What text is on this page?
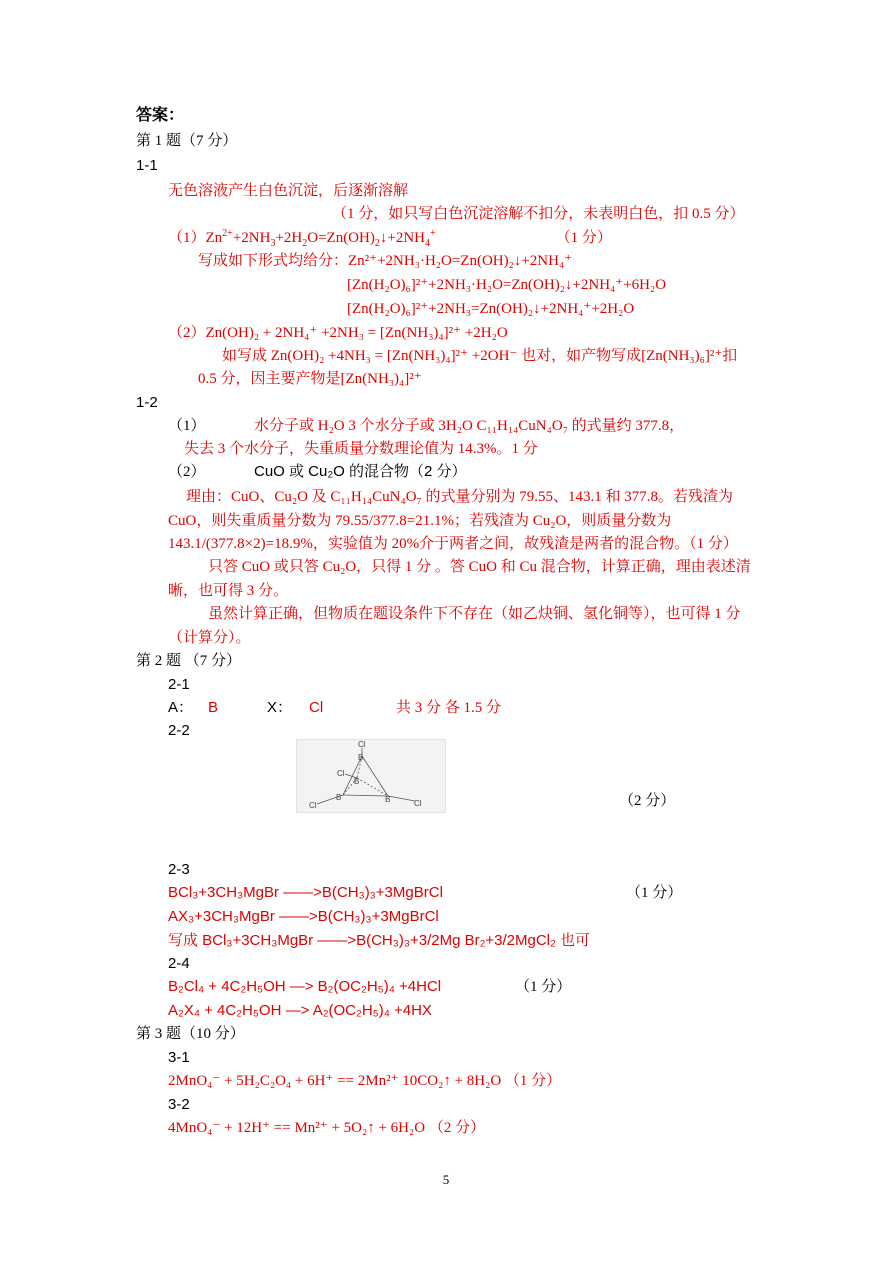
答案：
第 1 题（7 分）
1-1
无色溶液产生白色沉淀，后逐渐溶解
（1 分，如只写白色沉淀溶解不扣分，未表明白色，扣 0.5 分）
$(1)Zn^{2+}+2NH_3+2H_2O=Zn(OH)_2↓+2NH_4^+$	（1 分）
写成如下形式均给分：Zn²⁺+2NH₃·H₂O=Zn(OH)₂↓+2NH₄⁺
[Zn(H₂O)₆]²⁺+2NH₃·H₂O=Zn(OH)₂↓+2NH₄⁺+6H₂O
[Zn(H₂O)₆]²⁺+2NH₃=Zn(OH)₂↓+2NH₄⁺+2H₂O
（2）Zn(OH)₂ + 2NH₄⁺ +2NH₃ = [Zn(NH₃)₄]²⁺ +2H₂O
如写成 Zn(OH)₂ +4NH₃ = [Zn(NH₃)₄]²⁺ +2OH⁻ 也对，如产物写成[Zn(NH₃)₆]²⁺扣
0.5 分，因主要产物是[Zn(NH₃)₄]²⁺
1-2
（1）	水分子或 H₂O 3 个水分子或 3H₂O C₁₁H₁₄CuN₄O₇ 的式量约 377.8，
失去 3 个水分子，失重质量分数理论值为 14.3%。1 分
（2）	CuO 或 Cu₂O 的混合物（2 分）
理由：CuO、Cu₂O 及 C₁₁H₁₄CuN₄O₇ 的式量分别为 79.55、143.1 和 377.8。若残渣为 CuO，则失重质量分数为 79.55/377.8=21.1%；若残渣为 Cu₂O，则质量分数为 143.1/(377.8×2)=18.9%，实验值为 20%介于两者之间，故残渣是两者的混合物。（1 分）
只答 CuO 或只答 Cu₂O，只得 1 分 。答 CuO 和 Cu 混合物，计算正确，理由表述清晰，也可得 3 分。
虽然计算正确，但物质在题设条件下不存在（如乙炔铜、氢化铜等），也可得 1 分（计算分）。
第 2 题 （7 分）
2-1
A： B	X： Cl	共 3 分 各 1.5 分
2-2
Cl
B
Cl
B
Cl
B	B	Cl	（2 分）
2-3
BCl₃+3CH₃MgBr ——>B(CH₃)₃+3MgBrCl	（1 分）
AX₃+3CH₃MgBr ——>B(CH₃)₃+3MgBrCl
写成 BCl₃+3CH₃MgBr ——>B(CH₃)₃+3/2Mg Br₂+3/2MgCl₂ 也可
2-4
B₂Cl₄ + 4C₂H₅OH —> B₂(OC₂H₅)₄ +4HCl	（1 分）
A₂X₄ + 4C₂H₅OH —> A₂(OC₂H₅)₄ +4HX
第 3 题（10 分）
3-1
2MnO₄⁻ + 5H₂C₂O₄ + 6H⁺ == 2Mn²⁺ 10CO₂↑ + 8H₂O （1 分）
3-2
4MnO₄⁻ + 12H⁺ == Mn²⁺ + 5O₂↑ + 6H₂O （2 分）
5
